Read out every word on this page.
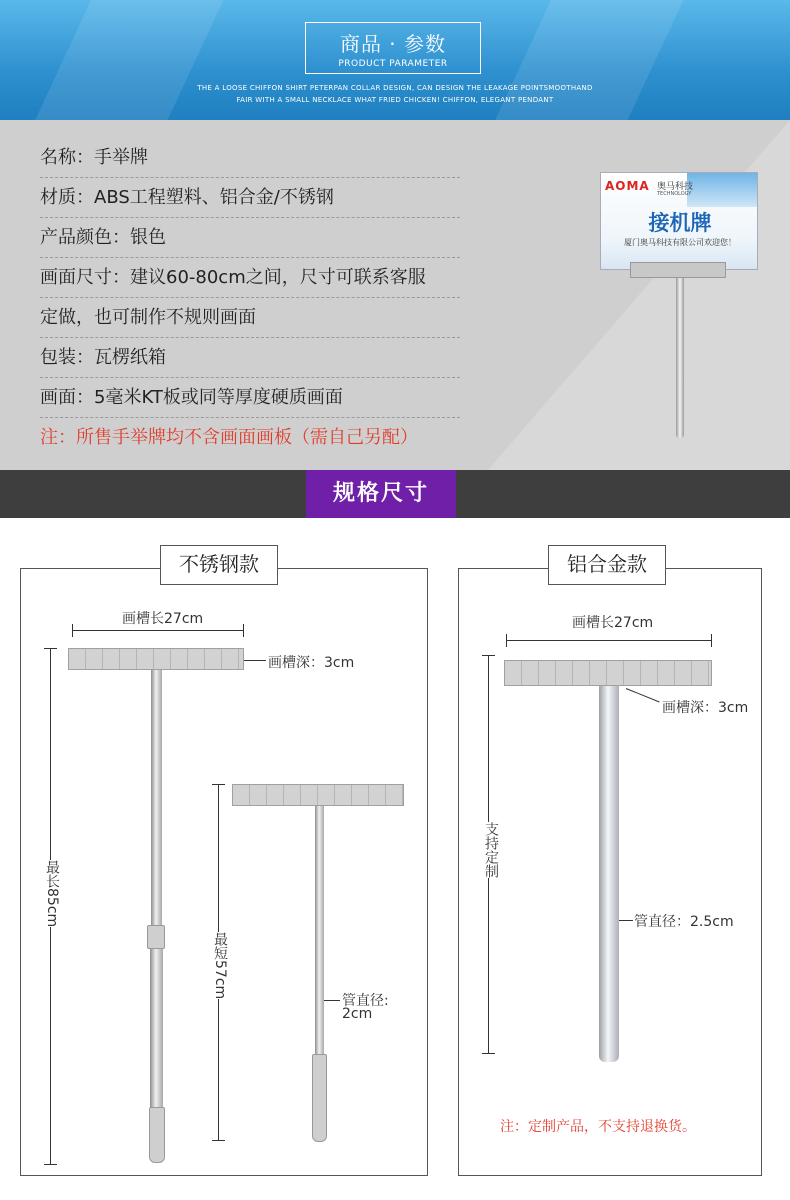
商品 · 参数
PRODUCT PARAMETER
THE A LOOSE CHIFFON SHIRT PETERPAN COLLAR DESIGN, CAN DESIGN THE LEAKAGE POINTSMOOTHAND
FAIR WITH A SMALL NECKLACE WHAT FRIED CHICKEN! CHIFFON, ELEGANT PENDANT
名称：手举牌
材质：ABS工程塑料、铝合金/不锈钢
产品颜色：银色
画面尺寸：建议60-80cm之间，尺寸可联系客服
定做，也可制作不规则画面
包装：瓦楞纸箱
画面：5毫米KT板或同等厚度硬质画面
注：所售手举牌均不含画面画板（需自己另配）
AOMA 奥马科技
TECHNOLOGY
接机牌
厦门奥马科技有限公司欢迎您！
规格尺寸
不锈钢款
画槽长27cm
画槽深：3cm
最长85cm
最短57cm
管直径:
2cm
铝合金款
画槽长27cm
画槽深：3cm
支持定制
管直径：2.5cm
注：定制产品，不支持退换货。
